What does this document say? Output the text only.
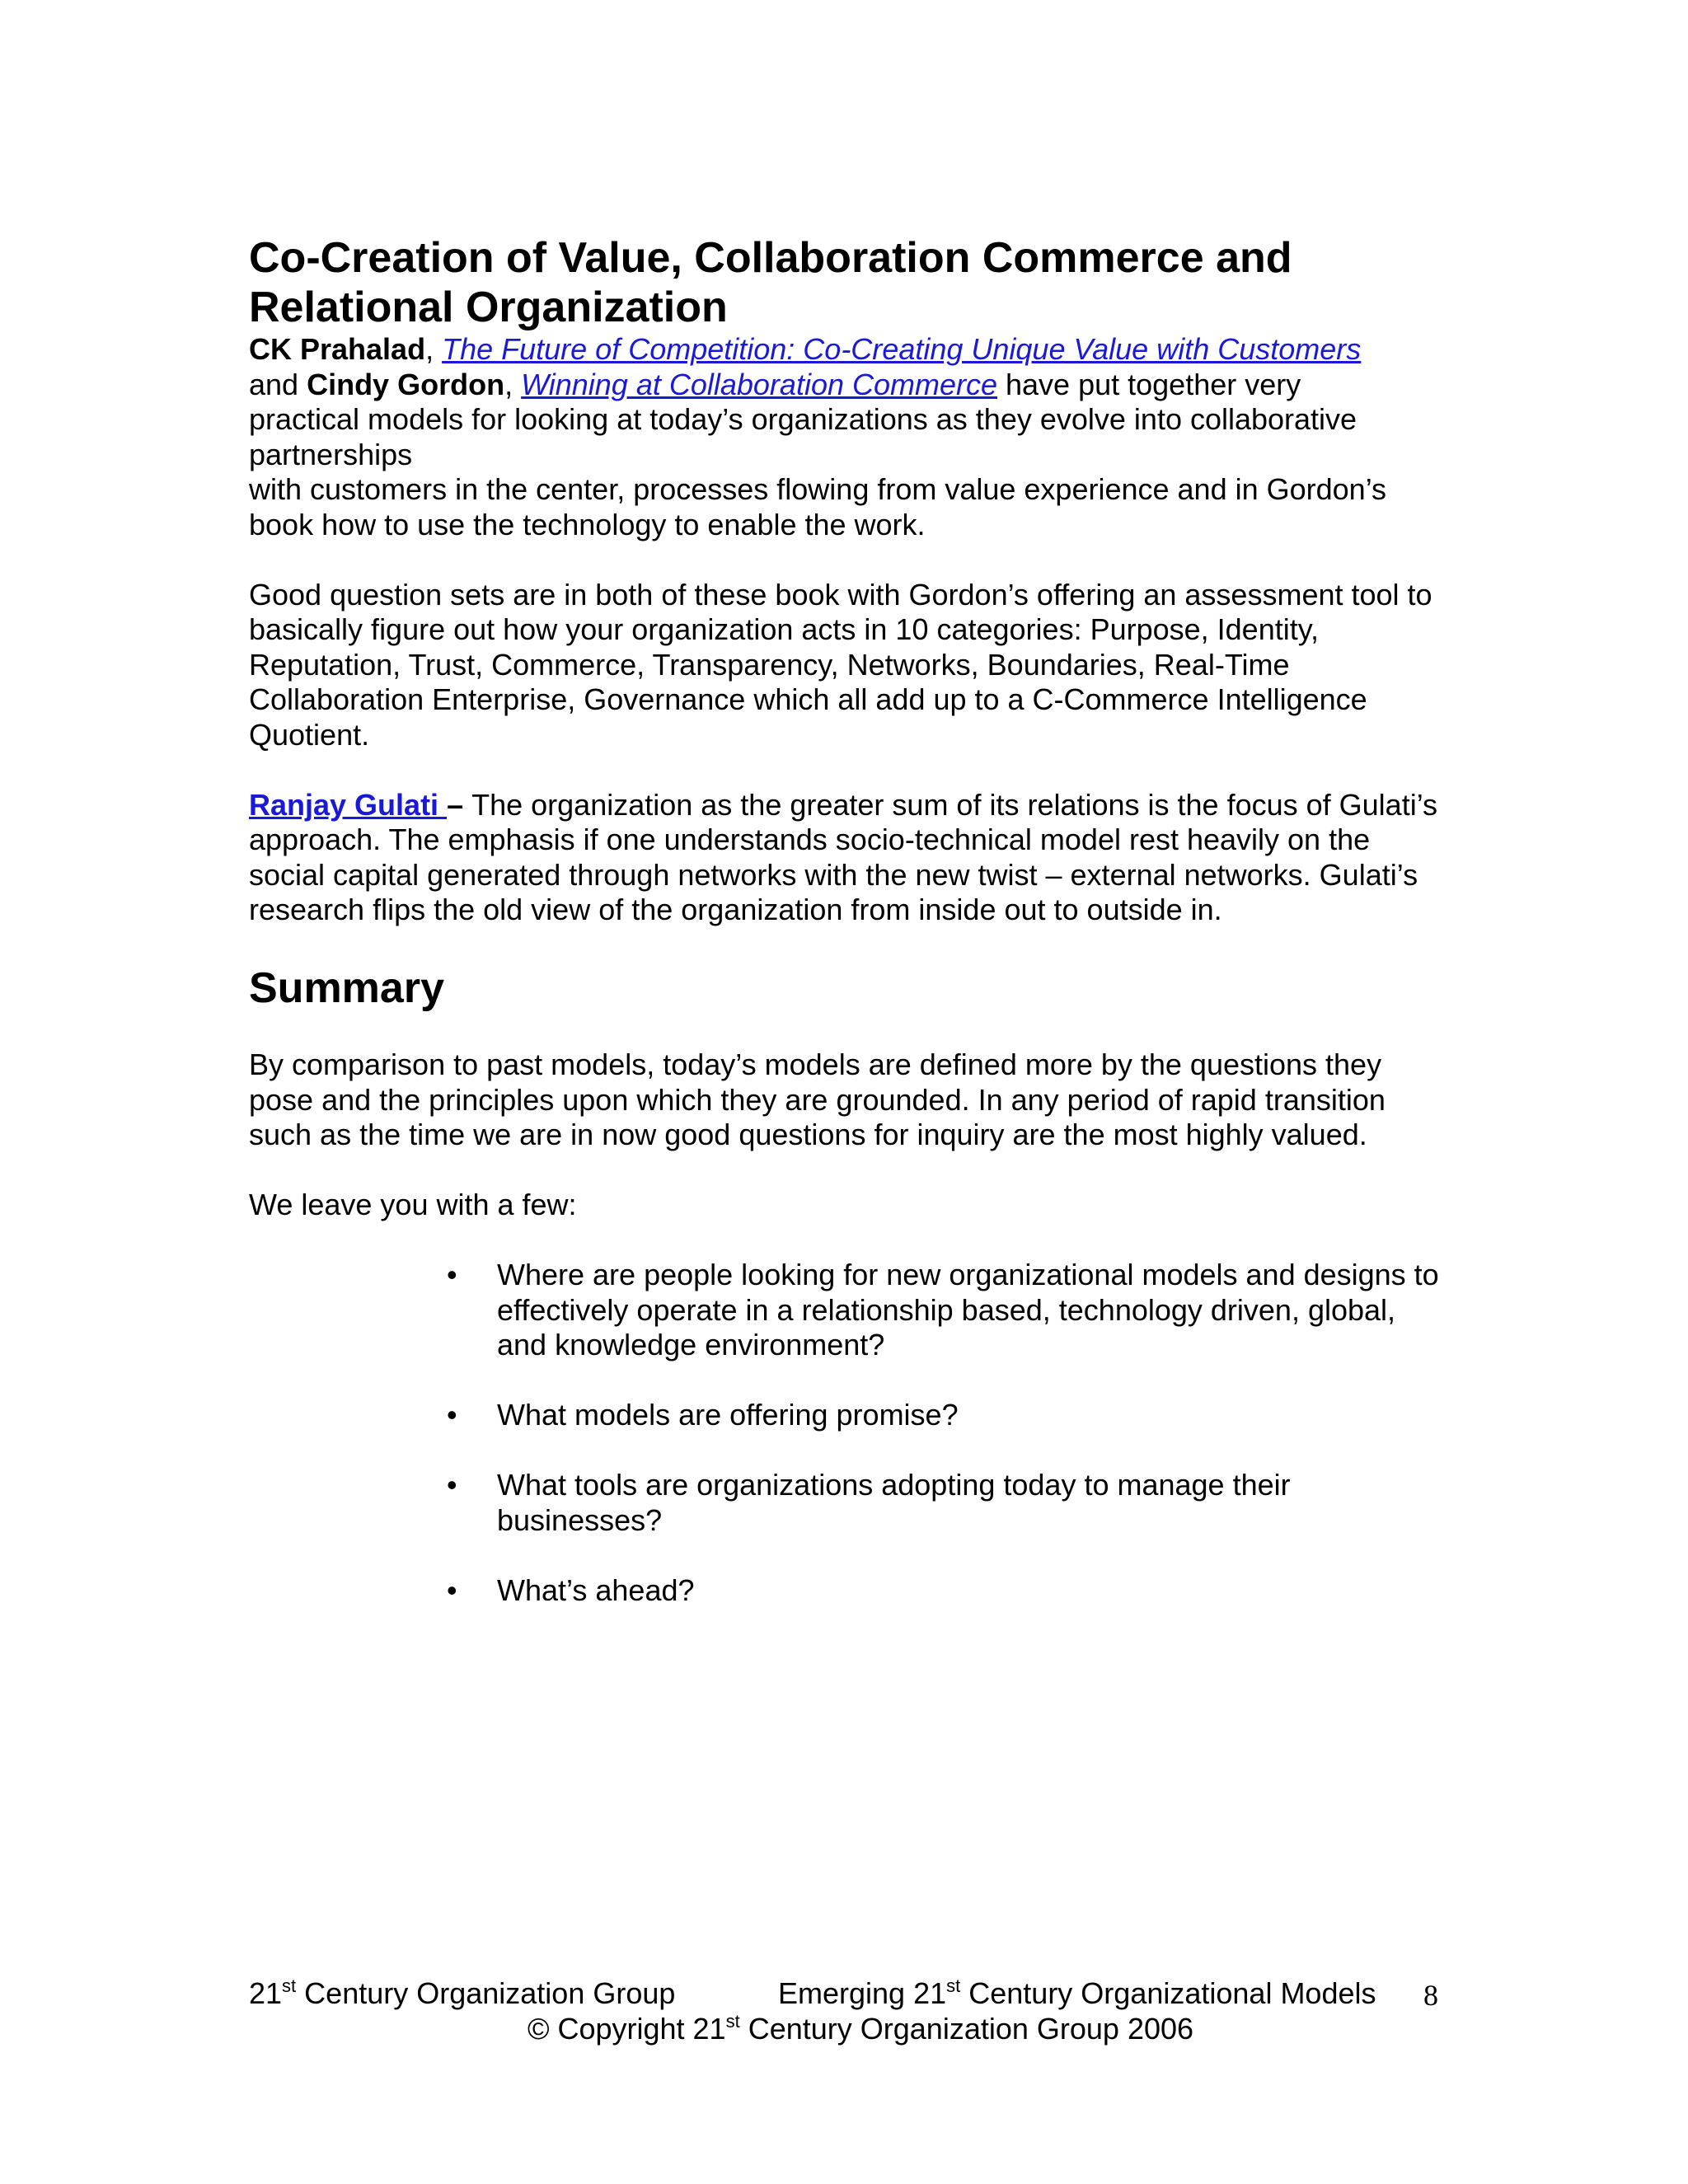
Co-Creation of Value, Collaboration Commerce and
Relational Organization

CK Prahalad, The Future of Competition: Co-Creating Unique Value with Customers
and Cindy Gordon, Winning at Collaboration Commerce have put together very
practical models for looking at today’s organizations as they evolve into collaborative
partnerships
with customers in the center, processes flowing from value experience and in Gordon’s
book how to use the technology to enable the work.

Good question sets are in both of these book with Gordon’s offering an assessment tool to basically figure out how your organization acts in 10 categories: Purpose, Identity, Reputation, Trust, Commerce, Transparency, Networks, Boundaries, Real-Time Collaboration Enterprise, Governance which all add up to a C-Commerce Intelligence Quotient.

Ranjay Gulati – The organization as the greater sum of its relations is the focus of Gulati’s approach. The emphasis if one understands socio-technical model rest heavily on the social capital generated through networks with the new twist – external networks. Gulati’s research flips the old view of the organization from inside out to outside in.

Summary

By comparison to past models, today’s models are defined more by the questions they pose and the principles upon which they are grounded. In any period of rapid transition such as the time we are in now good questions for inquiry are the most highly valued.

We leave you with a few:

• Where are people looking for new organizational models and designs to effectively operate in a relationship based, technology driven, global, and knowledge environment?
• What models are offering promise?
• What tools are organizations adopting today to manage their businesses?
• What’s ahead?
21st Century Organization Group	Emerging 21st Century Organizational Models 8
© Copyright 21st Century Organization Group 2006
